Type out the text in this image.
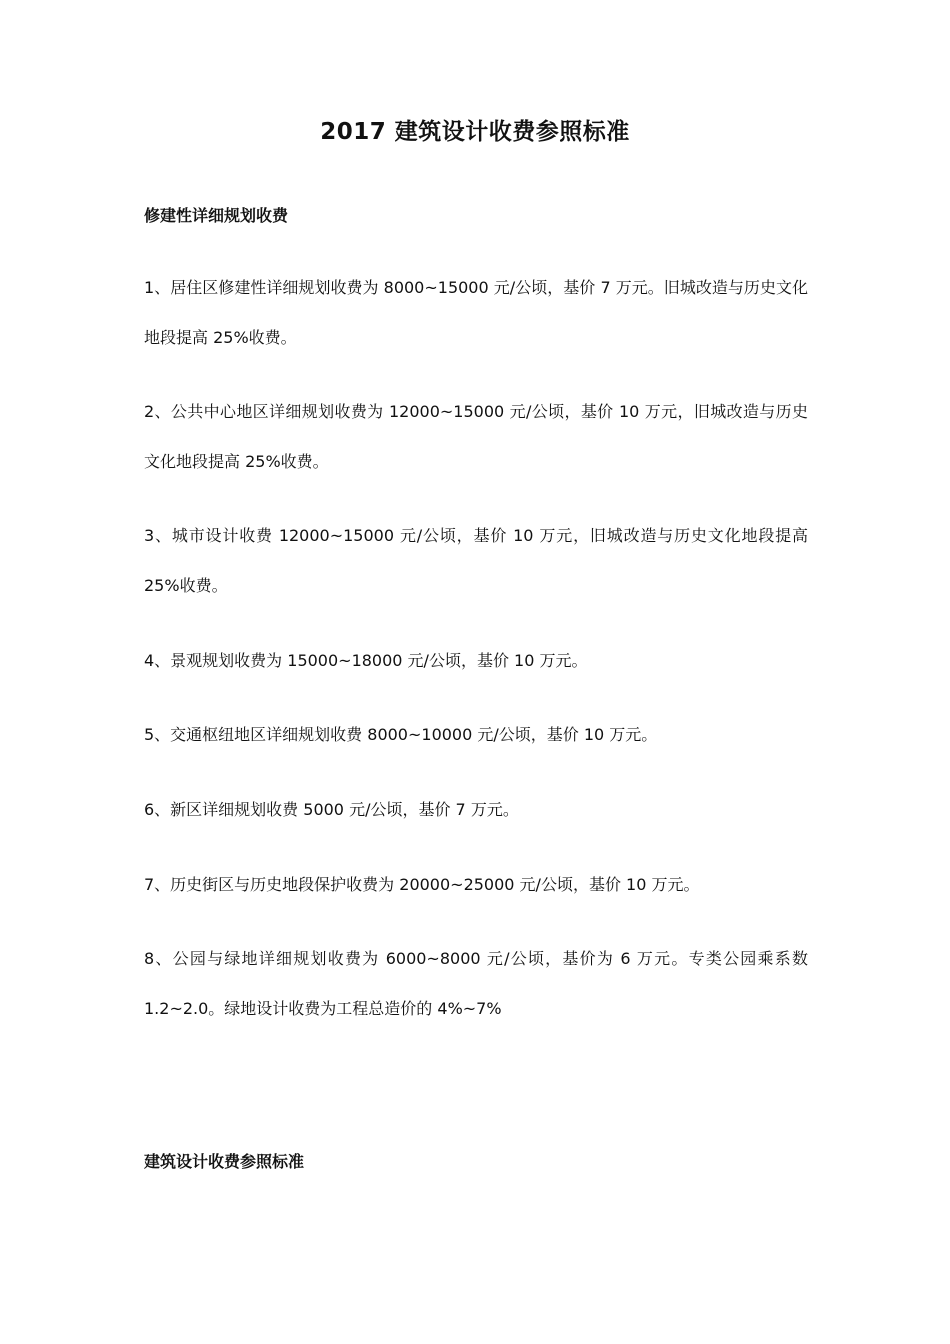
2017 建筑设计收费参照标准
修建性详细规划收费

1、居住区修建性详细规划收费为 8000~15000 元/公顷，基价 7 万元。旧城改造与历史文化地段提高 25%收费。

2、公共中心地区详细规划收费为 12000~15000 元/公顷，基价 10 万元，旧城改造与历史文化地段提高 25%收费。

3、城市设计收费 12000~15000 元/公顷，基价 10 万元，旧城改造与历史文化地段提高 25%收费。

4、景观规划收费为 15000~18000 元/公顷，基价 10 万元。

5、交通枢纽地区详细规划收费 8000~10000 元/公顷，基价 10 万元。

6、新区详细规划收费 5000 元/公顷，基价 7 万元。

7、历史街区与历史地段保护收费为 20000~25000 元/公顷，基价 10 万元。

8、公园与绿地详细规划收费为 6000~8000 元/公顷，基价为 6 万元。专类公园乘系数 1.2~2.0。绿地设计收费为工程总造价的 4%~7%

建筑设计收费参照标准
